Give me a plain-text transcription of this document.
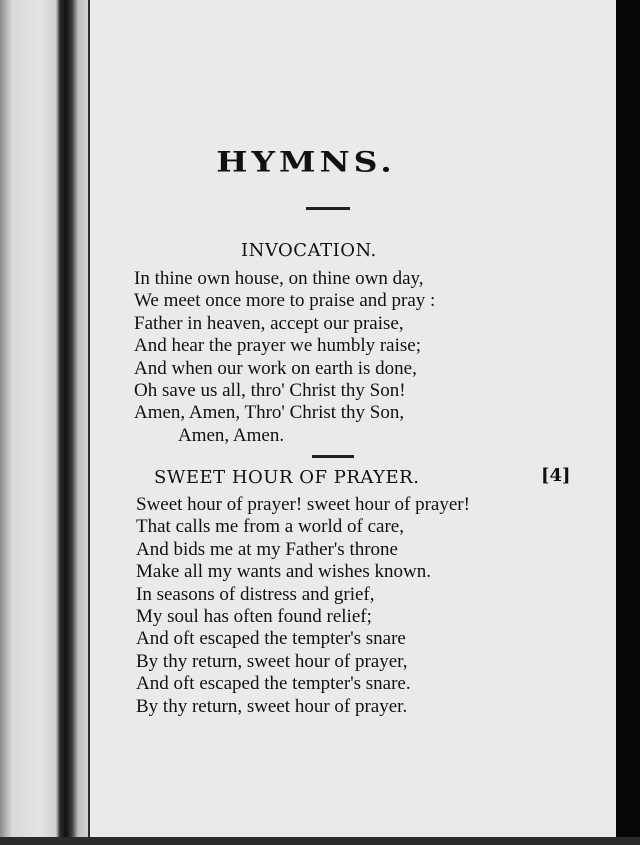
HYMNS.
INVOCATION.
In thine own house, on thine own day,
We meet once more to praise and pray :
Father in heaven, accept our praise,
And hear the prayer we humbly raise;
And when our work on earth is done,
Oh save us all, thro' Christ thy Son!
Amen, Amen, Thro' Christ thy Son,
Amen, Amen.
SWEET HOUR OF PRAYER.	[4]
Sweet hour of prayer! sweet hour of prayer!
That calls me from a world of care,
And bids me at my Father's throne
Make all my wants and wishes known.
In seasons of distress and grief,
My soul has often found relief;
And oft escaped the tempter's snare
By thy return, sweet hour of prayer,
And oft escaped the tempter's snare.
By thy return, sweet hour of prayer.
